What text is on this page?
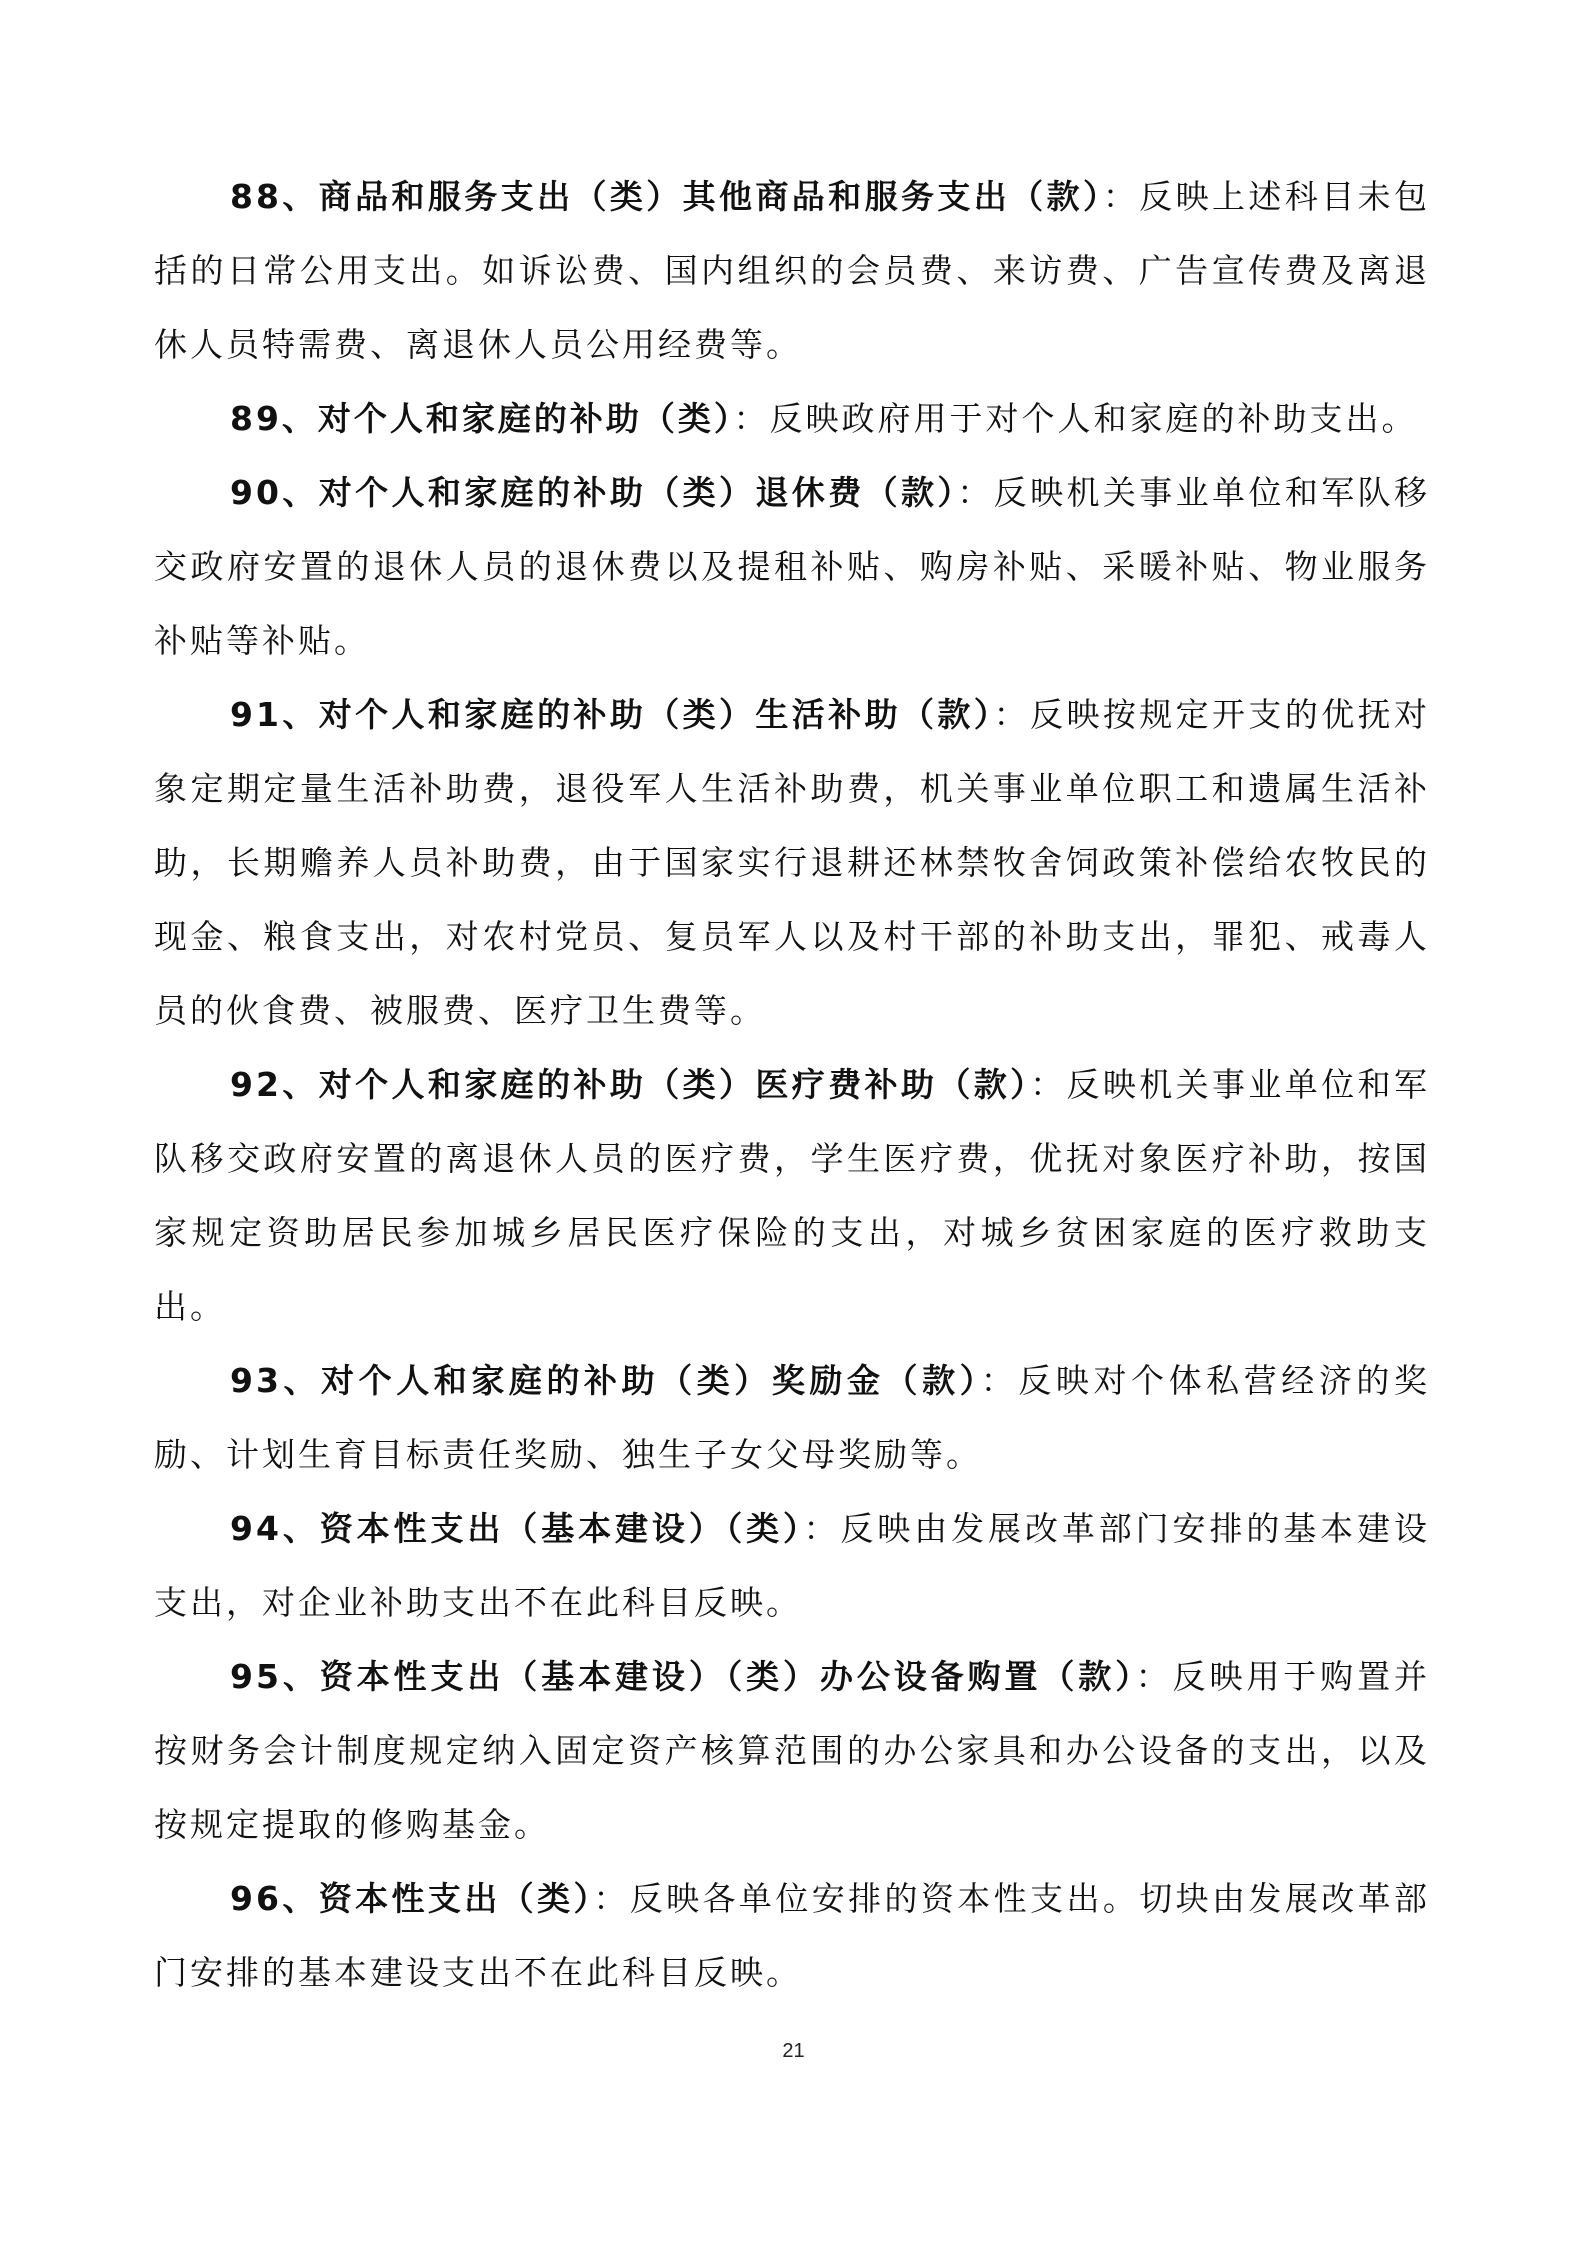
88、商品和服务支出（类）其他商品和服务支出（款）：反映上述科目未包括的日常公用支出。如诉讼费、国内组织的会员费、来访费、广告宣传费及离退休人员特需费、离退休人员公用经费等。

89、对个人和家庭的补助（类）：反映政府用于对个人和家庭的补助支出。

90、对个人和家庭的补助（类）退休费（款）：反映机关事业单位和军队移交政府安置的退休人员的退休费以及提租补贴、购房补贴、采暖补贴、物业服务补贴等补贴。

91、对个人和家庭的补助（类）生活补助（款）：反映按规定开支的优抚对象定期定量生活补助费，退役军人生活补助费，机关事业单位职工和遗属生活补助，长期赡养人员补助费，由于国家实行退耕还林禁牧舍饲政策补偿给农牧民的现金、粮食支出，对农村党员、复员军人以及村干部的补助支出，罪犯、戒毒人员的伙食费、被服费、医疗卫生费等。

92、对个人和家庭的补助（类）医疗费补助（款）：反映机关事业单位和军队移交政府安置的离退休人员的医疗费，学生医疗费，优抚对象医疗补助，按国家规定资助居民参加城乡居民医疗保险的支出，对城乡贫困家庭的医疗救助支出。

93、对个人和家庭的补助（类）奖励金（款）：反映对个体私营经济的奖励、计划生育目标责任奖励、独生子女父母奖励等。

94、资本性支出（基本建设）（类）：反映由发展改革部门安排的基本建设支出，对企业补助支出不在此科目反映。

95、资本性支出（基本建设）（类）办公设备购置（款）：反映用于购置并按财务会计制度规定纳入固定资产核算范围的办公家具和办公设备的支出，以及按规定提取的修购基金。

96、资本性支出（类）：反映各单位安排的资本性支出。切块由发展改革部门安排的基本建设支出不在此科目反映。

21
